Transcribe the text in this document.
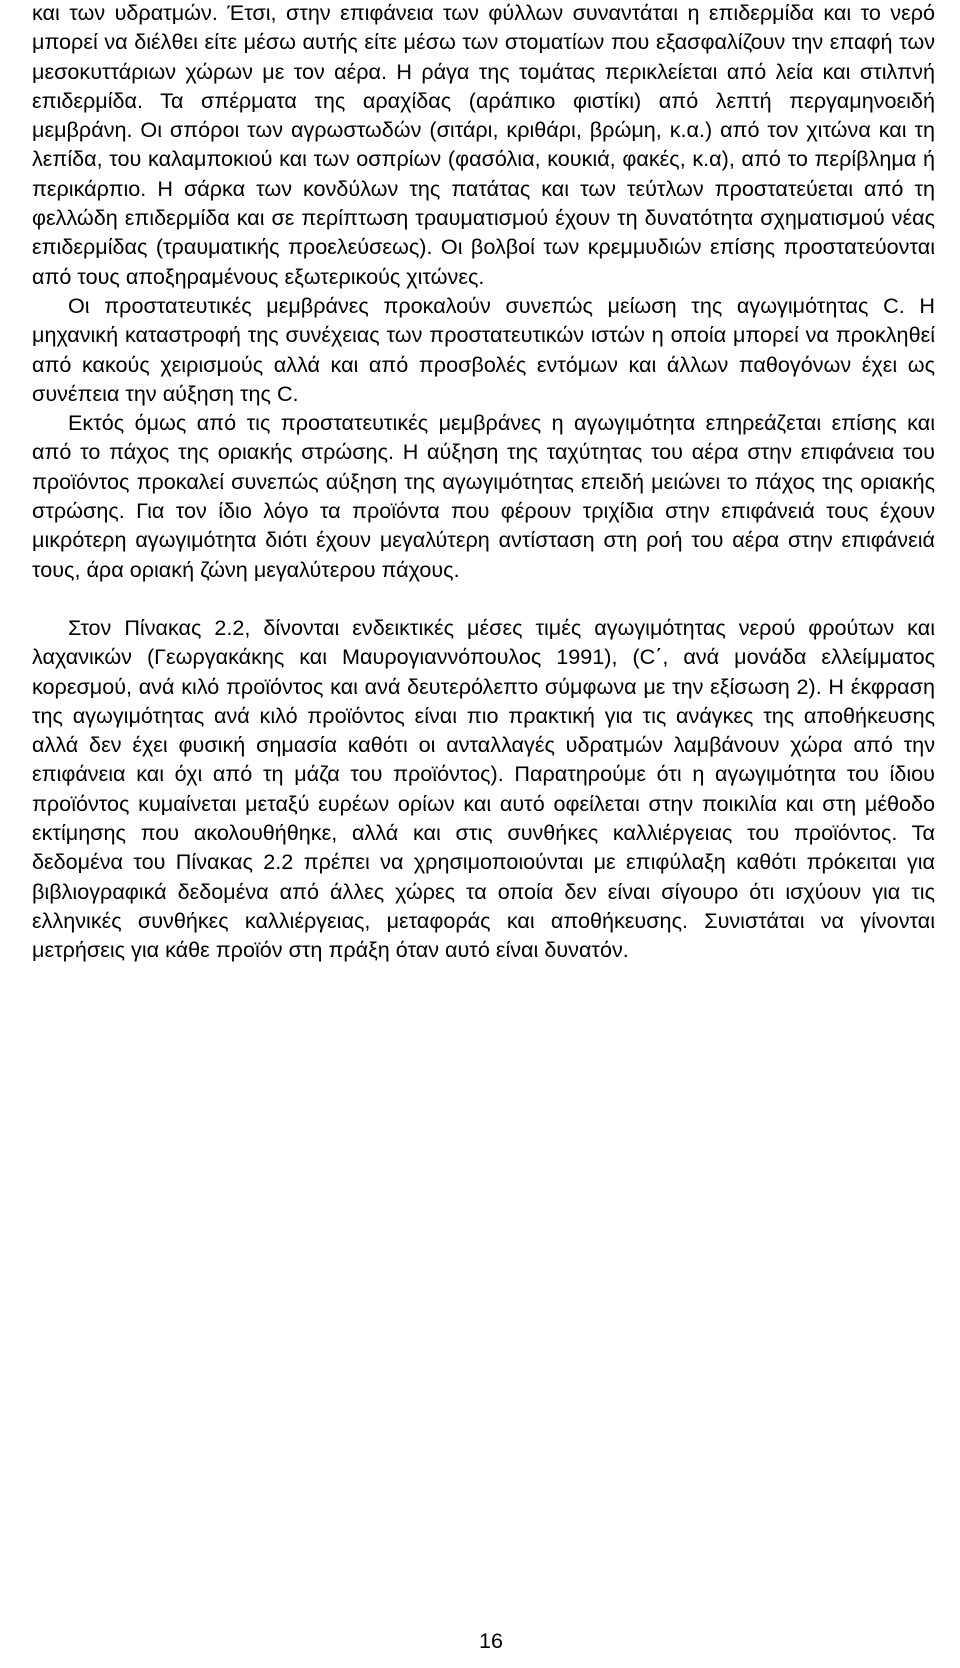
και των υδρατμών. Έτσι, στην επιφάνεια των φύλλων συναντάται η επιδερμίδα και το νερό μπορεί να διέλθει είτε μέσω αυτής είτε μέσω των στοματίων που εξασφαλίζουν την επαφή των μεσοκυττάριων χώρων με τον αέρα. Η ράγα της τομάτας περικλείεται από λεία και στιλπνή επιδερμίδα. Τα σπέρματα της αραχίδας (αράπικο φιστίκι) από λεπτή περγαμηνοειδή μεμβράνη. Οι σπόροι των αγρωστωδών (σιτάρι, κριθάρι, βρώμη, κ.α.) από τον χιτώνα και τη λεπίδα, του καλαμποκιού και των οσπρίων (φασόλια, κουκιά, φακές, κ.α), από το περίβλημα ή περικάρπιο. Η σάρκα των κονδύλων της πατάτας και των τεύτλων προστατεύεται από τη φελλώδη επιδερμίδα και σε περίπτωση τραυματισμού έχουν τη δυνατότητα σχηματισμού νέας επιδερμίδας (τραυματικής προελεύσεως). Οι βολβοί των κρεμμυδιών επίσης προστατεύονται από τους αποξηραμένους εξωτερικούς χιτώνες.

Οι προστατευτικές μεμβράνες προκαλούν συνεπώς μείωση της αγωγιμότητας C. Η μηχανική καταστροφή της συνέχειας των προστατευτικών ιστών η οποία μπορεί να προκληθεί από κακούς χειρισμούς αλλά και από προσβολές εντόμων και άλλων παθογόνων έχει ως συνέπεια την αύξηση της C.

Εκτός όμως από τις προστατευτικές μεμβράνες η αγωγιμότητα επηρεάζεται επίσης και από το πάχος της οριακής στρώσης. Η αύξηση της ταχύτητας του αέρα στην επιφάνεια του προϊόντος προκαλεί συνεπώς αύξηση της αγωγιμότητας επειδή μειώνει το πάχος της οριακής στρώσης. Για τον ίδιο λόγο τα προϊόντα που φέρουν τριχίδια στην επιφάνειά τους έχουν μικρότερη αγωγιμότητα διότι έχουν μεγαλύτερη αντίσταση στη ροή του αέρα στην επιφάνειά τους, άρα οριακή ζώνη μεγαλύτερου πάχους.

Στον Πίνακας 2.2, δίνονται ενδεικτικές μέσες τιμές αγωγιμότητας νερού φρούτων και λαχανικών (Γεωργακάκης και Μαυρογιαννόπουλος 1991), (C΄, ανά μονάδα ελλείμματος κορεσμού, ανά κιλό προϊόντος και ανά δευτερόλεπτο σύμφωνα με την εξίσωση 2). Η έκφραση της αγωγιμότητας ανά κιλό προϊόντος είναι πιο πρακτική για τις ανάγκες της αποθήκευσης αλλά δεν έχει φυσική σημασία καθότι οι ανταλλαγές υδρατμών λαμβάνουν χώρα από την επιφάνεια και όχι από τη μάζα του προϊόντος). Παρατηρούμε ότι η αγωγιμότητα του ίδιου προϊόντος κυμαίνεται μεταξύ ευρέων ορίων και αυτό οφείλεται στην ποικιλία και στη μέθοδο εκτίμησης που ακολουθήθηκε, αλλά και στις συνθήκες καλλιέργειας του προϊόντος. Τα δεδομένα του Πίνακας 2.2 πρέπει να χρησιμοποιούνται με επιφύλαξη καθότι πρόκειται για βιβλιογραφικά δεδομένα από άλλες χώρες τα οποία δεν είναι σίγουρο ότι ισχύουν για τις ελληνικές συνθήκες καλλιέργειας, μεταφοράς και αποθήκευσης. Συνιστάται να γίνονται μετρήσεις για κάθε προϊόν στη πράξη όταν αυτό είναι δυνατόν.

16
